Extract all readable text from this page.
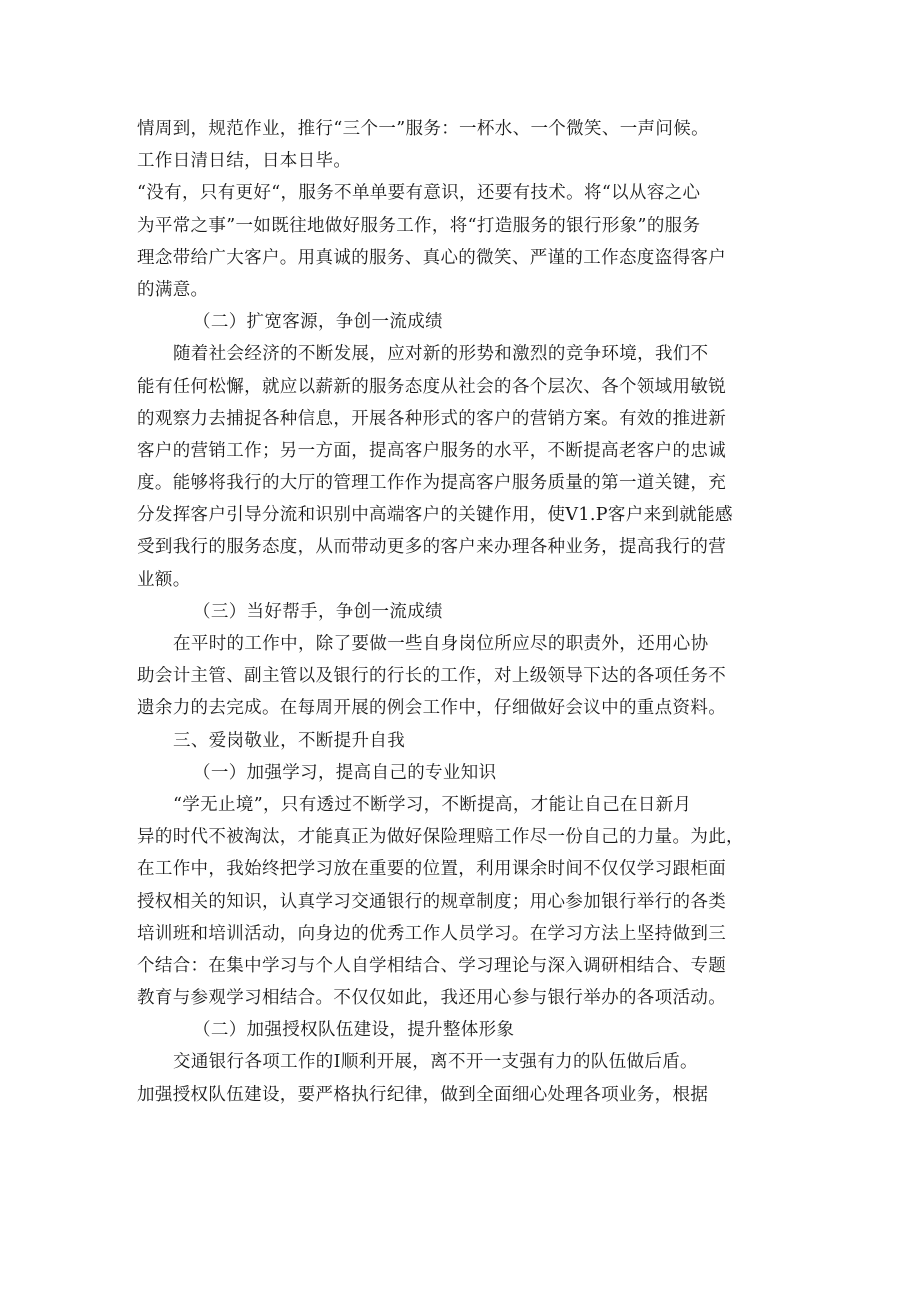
情周到，规范作业，推行“三个一”服务：一杯水、一个微笑、一声问候。
工作日清日结，日本日毕。
“没有，只有更好“，服务不单单要有意识，还要有技术。将“以从容之心
为平常之事”一如既往地做好服务工作，将“打造服务的银行形象”的服务
理念带给广大客户。用真诚的服务、真心的微笑、严谨的工作态度盗得客户
的满意。
（二）扩宽客源，争创一流成绩
随着社会经济的不断发展，应对新的形势和激烈的竞争环境，我们不
能有任何松懈，就应以薪新的服务态度从社会的各个层次、各个领域用敏锐
的观察力去捕捉各种信息，开展各种形式的客户的营销方案。有效的推进新
客户的营销工作；另一方面，提高客户服务的水平，不断提高老客户的忠诚
度。能够将我行的大厅的管理工作作为提高客户服务质量的第一道关键，充
分发挥客户引导分流和识别中高端客户的关键作用，使V1.P客户来到就能感
受到我行的服务态度，从而带动更多的客户来办理各种业务，提高我行的营
业额。
（三）当好帮手，争创一流成绩
在平时的工作中，除了要做一些自身岗位所应尽的职责外，还用心协
助会计主管、副主管以及银行的行长的工作，对上级领导下达的各项任务不
遗余力的去完成。在每周开展的例会工作中，仔细做好会议中的重点资料。
三、爱岗敬业，不断提升自我
（一）加强学习，提高自己的专业知识
“学无止境”，只有透过不断学习，不断提高，才能让自己在日新月
异的时代不被淘汰，才能真正为做好保险理赔工作尽一份自己的力量。为此，
在工作中，我始终把学习放在重要的位置，利用课余时间不仅仅学习跟柜面
授权相关的知识，认真学习交通银行的规章制度；用心参加银行举行的各类
培训班和培训活动，向身边的优秀工作人员学习。在学习方法上坚持做到三
个结合：在集中学习与个人自学相结合、学习理论与深入调研相结合、专题
教育与参观学习相结合。不仅仅如此，我还用心参与银行举办的各项活动。
（二）加强授权队伍建设，提升整体形象
交通银行各项工作的I顺利开展，离不开一支强有力的队伍做后盾。
加强授权队伍建设，要严格执行纪律，做到全面细心处理各项业务，根据
